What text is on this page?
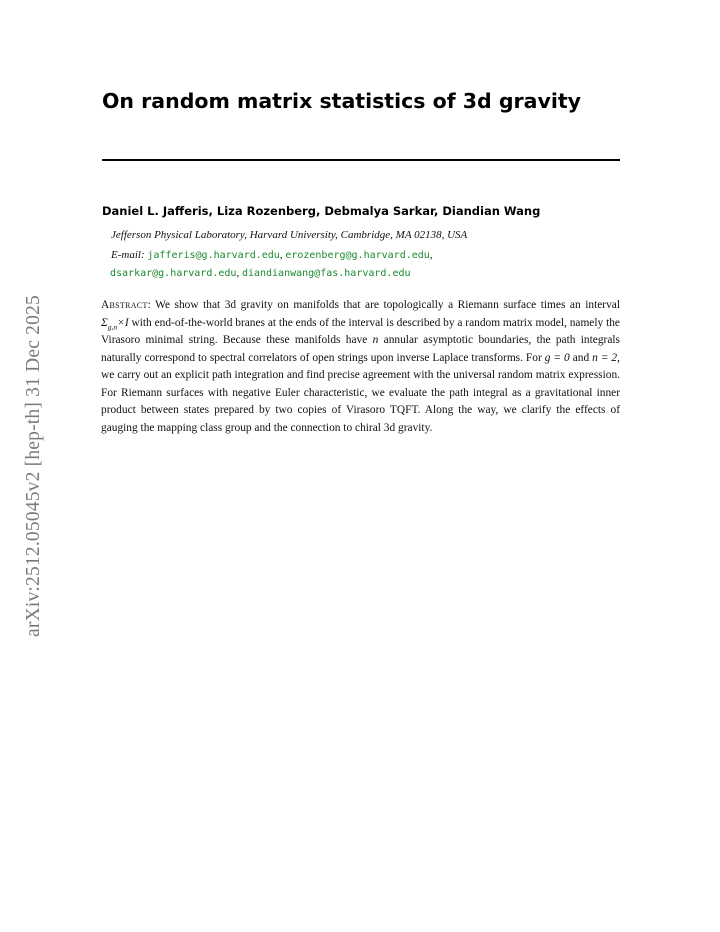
arXiv:2512.05045v2 [hep-th] 31 Dec 2025
On random matrix statistics of 3d gravity
Daniel L. Jafferis, Liza Rozenberg, Debmalya Sarkar, Diandian Wang
Jefferson Physical Laboratory, Harvard University, Cambridge, MA 02138, USA
E-mail: jafferis@g.harvard.edu, erozenberg@g.harvard.edu,
dsarkar@g.harvard.edu, diandianwang@fas.harvard.edu
Abstract: We show that 3d gravity on manifolds that are topologically a Riemann surface times an interval $\Sigma_{g,n}\times I$ with end-of-the-world branes at the ends of the interval is described by a random matrix model, namely the Virasoro minimal string. Because these manifolds have n annular asymptotic boundaries, the path integrals naturally correspond to spectral correlators of open strings upon inverse Laplace transforms. For g = 0 and n = 2, we carry out an explicit path integration and find precise agreement with the universal random matrix expression. For Riemann surfaces with negative Euler characteristic, we evaluate the path integral as a gravitational inner product between states prepared by two copies of Virasoro TQFT. Along the way, we clarify the effects of gauging the mapping class group and the connection to chiral 3d gravity.
